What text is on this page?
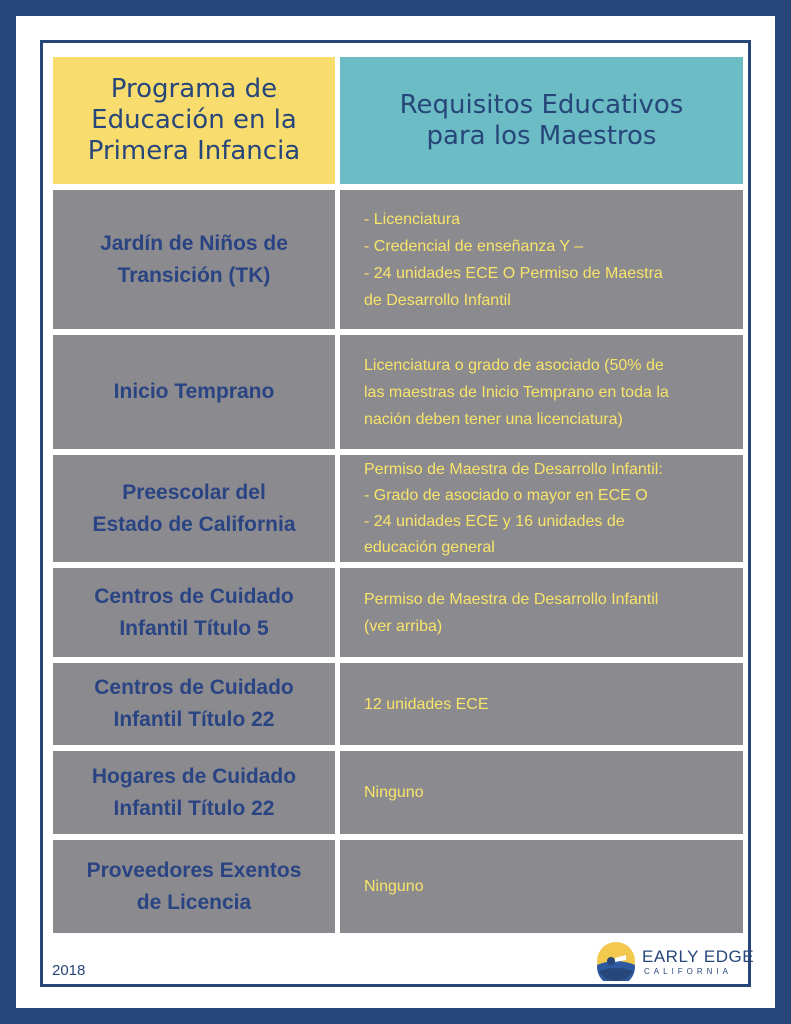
Programa de
Educación en la
Primera Infancia
Requisitos Educativos
para los Maestros
Jardín de Niños de
Transición (TK)
- Licenciatura
- Credencial de enseñanza Y –
- 24 unidades ECE O Permiso de Maestra
de Desarrollo Infantil
Inicio Temprano
Licenciatura o grado de asociado (50% de
las maestras de Inicio Temprano en toda la
nación deben tener una licenciatura)
Preescolar del
Estado de California
Permiso de Maestra de Desarrollo Infantil:
- Grado de asociado o mayor en ECE O
- 24 unidades ECE y 16 unidades de
educación general
Centros de Cuidado
Infantil Título 5
Permiso de Maestra de Desarrollo Infantil
(ver arriba)
Centros de Cuidado
Infantil Título 22
12 unidades ECE
Hogares de Cuidado
Infantil Título 22
Ninguno
Proveedores Exentos
de Licencia
Ninguno
2018
EARLY EDGE
CALIFORNIA
